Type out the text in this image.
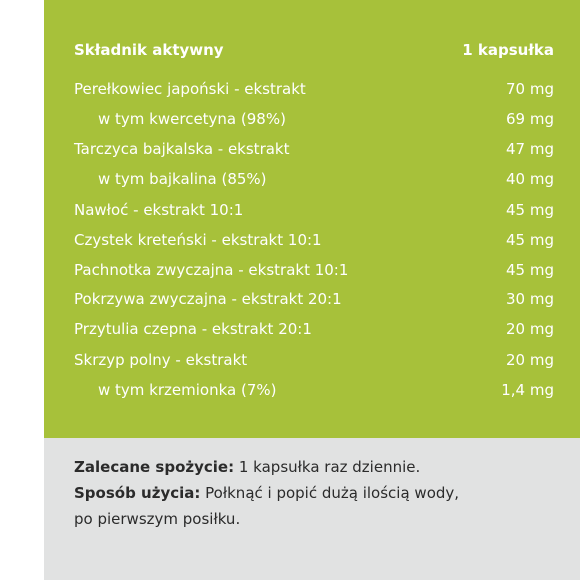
Składnik aktywny	1 kapsułka
Perełkowiec japoński - ekstrakt	70 mg
w tym kwercetyna (98%)	69 mg
Tarczyca bajkalska - ekstrakt	47 mg
w tym bajkalina (85%)	40 mg
Nawłoć - ekstrakt 10:1	45 mg
Czystek kreteński - ekstrakt 10:1	45 mg
Pachnotka zwyczajna - ekstrakt 10:1	45 mg
Pokrzywa zwyczajna - ekstrakt 20:1	30 mg
Przytulia czepna - ekstrakt 20:1	20 mg
Skrzyp polny - ekstrakt	20 mg
w tym krzemionka (7%)	1,4 mg
Zalecane spożycie: 1 kapsułka raz dziennie.
Sposób użycia: Połknąć i popić dużą ilością wody,
po pierwszym posiłku.
